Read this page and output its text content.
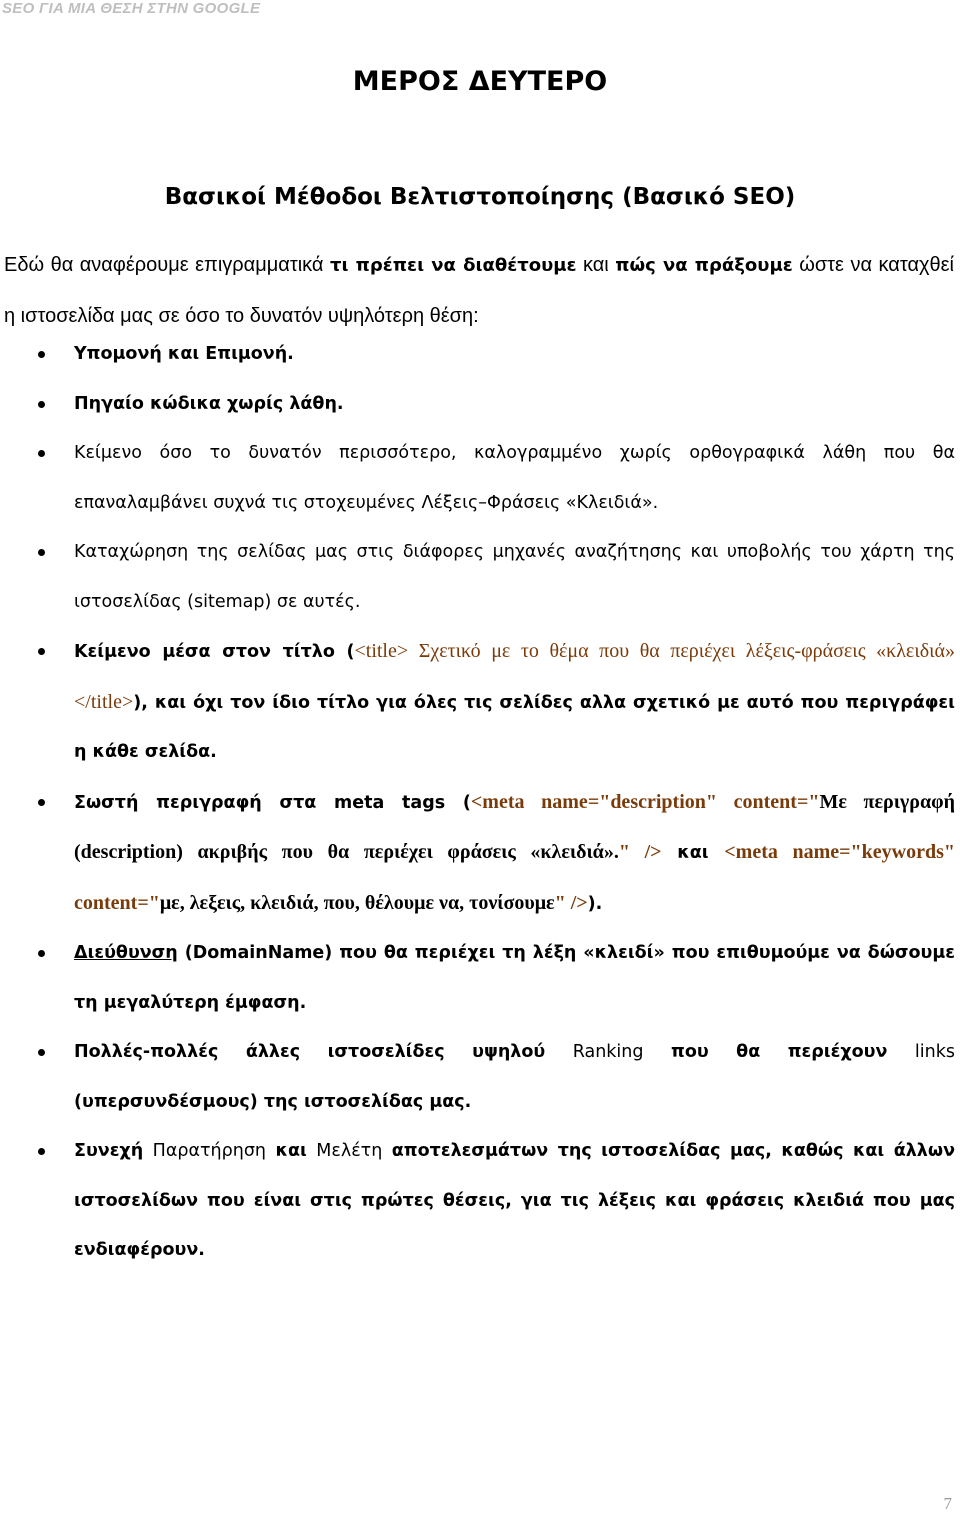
SEO ΓΙΑ ΜΙΑ ΘΕΣΗ ΣΤΗΝ GOOGLE
ΜΕΡΟΣ ΔΕΥΤΕΡΟ
Βασικοί Μέθοδοι Βελτιστοποίησης (Βασικό SEO)
Εδώ θα αναφέρουμε επιγραμματικά τι πρέπει να διαθέτουμε και πώς να πράξουμε ώστε να καταχθεί η ιστοσελίδα μας σε όσο το δυνατόν υψηλότερη θέση:
Υπομονή και Επιμονή.
Πηγαίο κώδικα χωρίς λάθη.
Κείμενο όσο το δυνατόν περισσότερο, καλογραμμένο χωρίς ορθογραφικά λάθη που θα επαναλαμβάνει συχνά τις στοχευμένες Λέξεις–Φράσεις «Κλειδιά».
Καταχώρηση της σελίδας μας στις διάφορες μηχανές αναζήτησης και υποβολής του χάρτη της ιστοσελίδας (sitemap) σε αυτές.
Κείμενο μέσα στον τίτλο (<title> Σχετικό με το θέμα που θα περιέχει λέξεις-φράσεις «κλειδιά» </title>), και όχι τον ίδιο τίτλο για όλες τις σελίδες αλλα σχετικό με αυτό που περιγράφει η κάθε σελίδα.
Σωστή περιγραφή στα meta tags (<meta name="description" content="Με περιγραφή (description) ακριβής που θα περιέχει φράσεις «κλειδιά»." /> και <meta name="keywords" content="με, λεξεις, κλειδιά, που, θέλουμε να, τονίσουμε" />).
Διεύθυνση (DomainName) που θα περιέχει τη λέξη «κλειδί» που επιθυμούμε να δώσουμε τη μεγαλύτερη έμφαση.
Πολλές-πολλές άλλες ιστοσελίδες υψηλού Ranking που θα περιέχουν links (υπερσυνδέσμους) της ιστοσελίδας μας.
Συνεχή Παρατήρηση και Μελέτη αποτελεσμάτων της ιστοσελίδας μας, καθώς και άλλων ιστοσελίδων που είναι στις πρώτες θέσεις, για τις λέξεις και φράσεις κλειδιά που μας ενδιαφέρουν.
7
